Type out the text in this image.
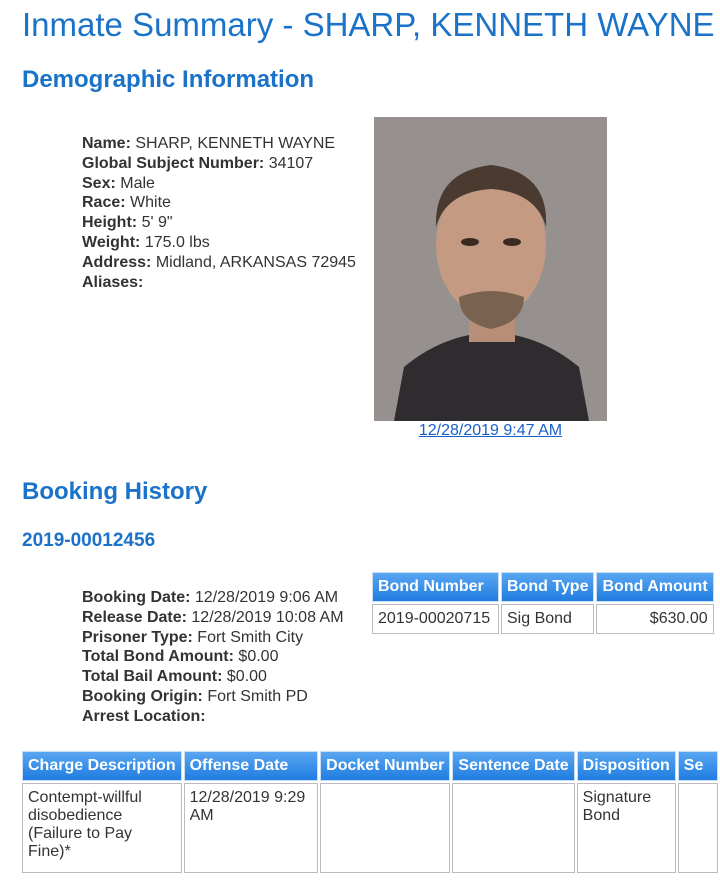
Inmate Summary - SHARP, KENNETH WAYNE
Demographic Information
Name: SHARP, KENNETH WAYNE
Global Subject Number: 34107
Sex: Male
Race: White
Height: 5' 9"
Weight: 175.0 lbs
Address: Midland, ARKANSAS 72945
Aliases:
12/28/2019 9:47 AM
Booking History
2019-00012456
Booking Date: 12/28/2019 9:06 AM
Release Date: 12/28/2019 10:08 AM
Prisoner Type: Fort Smith City
Total Bond Amount: $0.00
Total Bail Amount: $0.00
Booking Origin: Fort Smith PD
Arrest Location:
Bond Number	Bond Type	Bond Amount
2019-00020715	Sig Bond	$630.00
Charge Description	Offense Date	Docket Number	Sentence Date	Disposition	Se
Contempt-willful disobedience (Failure to Pay Fine)*	12/28/2019 9:29 AM			Signature Bond	
